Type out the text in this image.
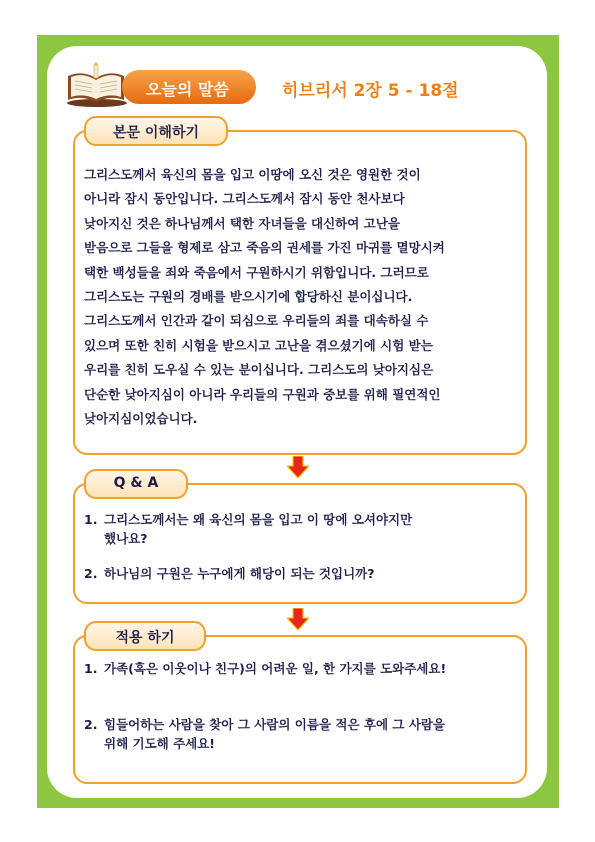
오늘의 말씀	히브리서 2장 5 - 18절
본문 이해하기
그리스도께서 육신의 몸을 입고 이땅에 오신 것은 영원한 것이
아니라 잠시 동안입니다. 그리스도께서 잠시 동안 천사보다
낮아지신 것은 하나님께서 택한 자녀들을 대신하여 고난을
받음으로 그들을 형제로 삼고 죽음의 권세를 가진 마귀를 멸망시켜
택한 백성들을 죄와 죽음에서 구원하시기 위함입니다. 그러므로
그리스도는 구원의 경배를 받으시기에 합당하신 분이십니다.
그리스도께서 인간과 같이 되심으로 우리들의 죄를 대속하실 수
있으며 또한 친히 시험을 받으시고 고난을 겪으셨기에 시험 받는
우리를 친히 도우실 수 있는 분이십니다. 그리스도의 낮아지심은
단순한 낮아지심이 아니라 우리들의 구원과 중보를 위해 필연적인
낮아지심이었습니다.
Q & A
1. 그리스도께서는 왜 육신의 몸을 입고 이 땅에 오셔야지만
했나요?
2. 하나님의 구원은 누구에게 해당이 되는 것입니까?
적용 하기
1. 가족(혹은 이웃이나 친구)의 어려운 일, 한 가지를 도와주세요!
2. 힘들어하는 사람을 찾아 그 사람의 이름을 적은 후에 그 사람을
위해 기도해 주세요!
